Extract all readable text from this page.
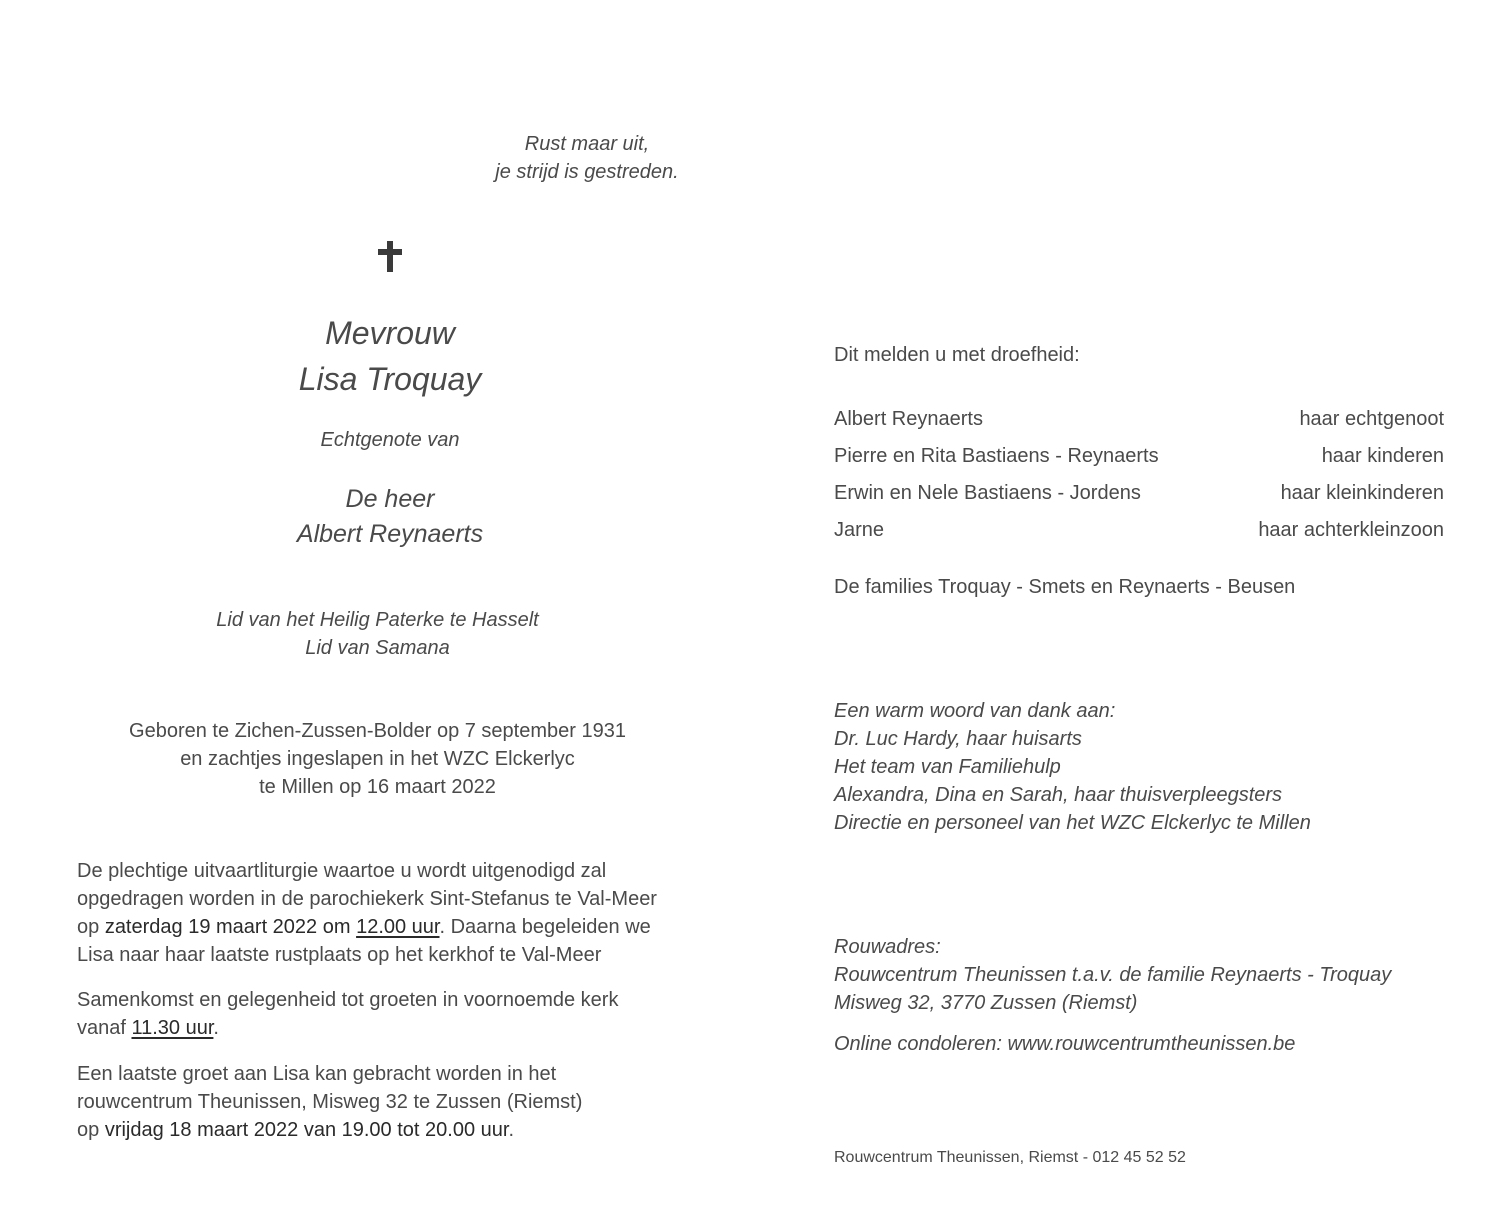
Rust maar uit,
je strijd is gestreden.
Mevrouw
Lisa Troquay
Echtgenote van
De heer
Albert Reynaerts
Lid van het Heilig Paterke te Hasselt
Lid van Samana
Geboren te Zichen-Zussen-Bolder op 7 september 1931
en zachtjes ingeslapen in het WZC Elckerlyc
te Millen op 16 maart 2022
De plechtige uitvaartliturgie waartoe u wordt uitgenodigd zal
opgedragen worden in de parochiekerk Sint-Stefanus te Val-Meer
op zaterdag 19 maart 2022 om 12.00 uur. Daarna begeleiden we
Lisa naar haar laatste rustplaats op het kerkhof te Val-Meer
Samenkomst en gelegenheid tot groeten in voornoemde kerk
vanaf 11.30 uur.
Een laatste groet aan Lisa kan gebracht worden in het
rouwcentrum Theunissen, Misweg 32 te Zussen (Riemst)
op vrijdag 18 maart 2022 van 19.00 tot 20.00 uur.
Dit melden u met droefheid:
Albert Reynaerts	haar echtgenoot
Pierre en Rita Bastiaens - Reynaerts	haar kinderen
Erwin en Nele Bastiaens - Jordens	haar kleinkinderen
Jarne	haar achterkleinzoon
De families Troquay - Smets en Reynaerts - Beusen
Een warm woord van dank aan:
Dr. Luc Hardy, haar huisarts
Het team van Familiehulp
Alexandra, Dina en Sarah, haar thuisverpleegsters
Directie en personeel van het WZC Elckerlyc te Millen
Rouwadres:
Rouwcentrum Theunissen t.a.v. de familie Reynaerts - Troquay
Misweg 32, 3770 Zussen (Riemst)
Online condoleren: www.rouwcentrumtheunissen.be
Rouwcentrum Theunissen, Riemst - 012 45 52 52
